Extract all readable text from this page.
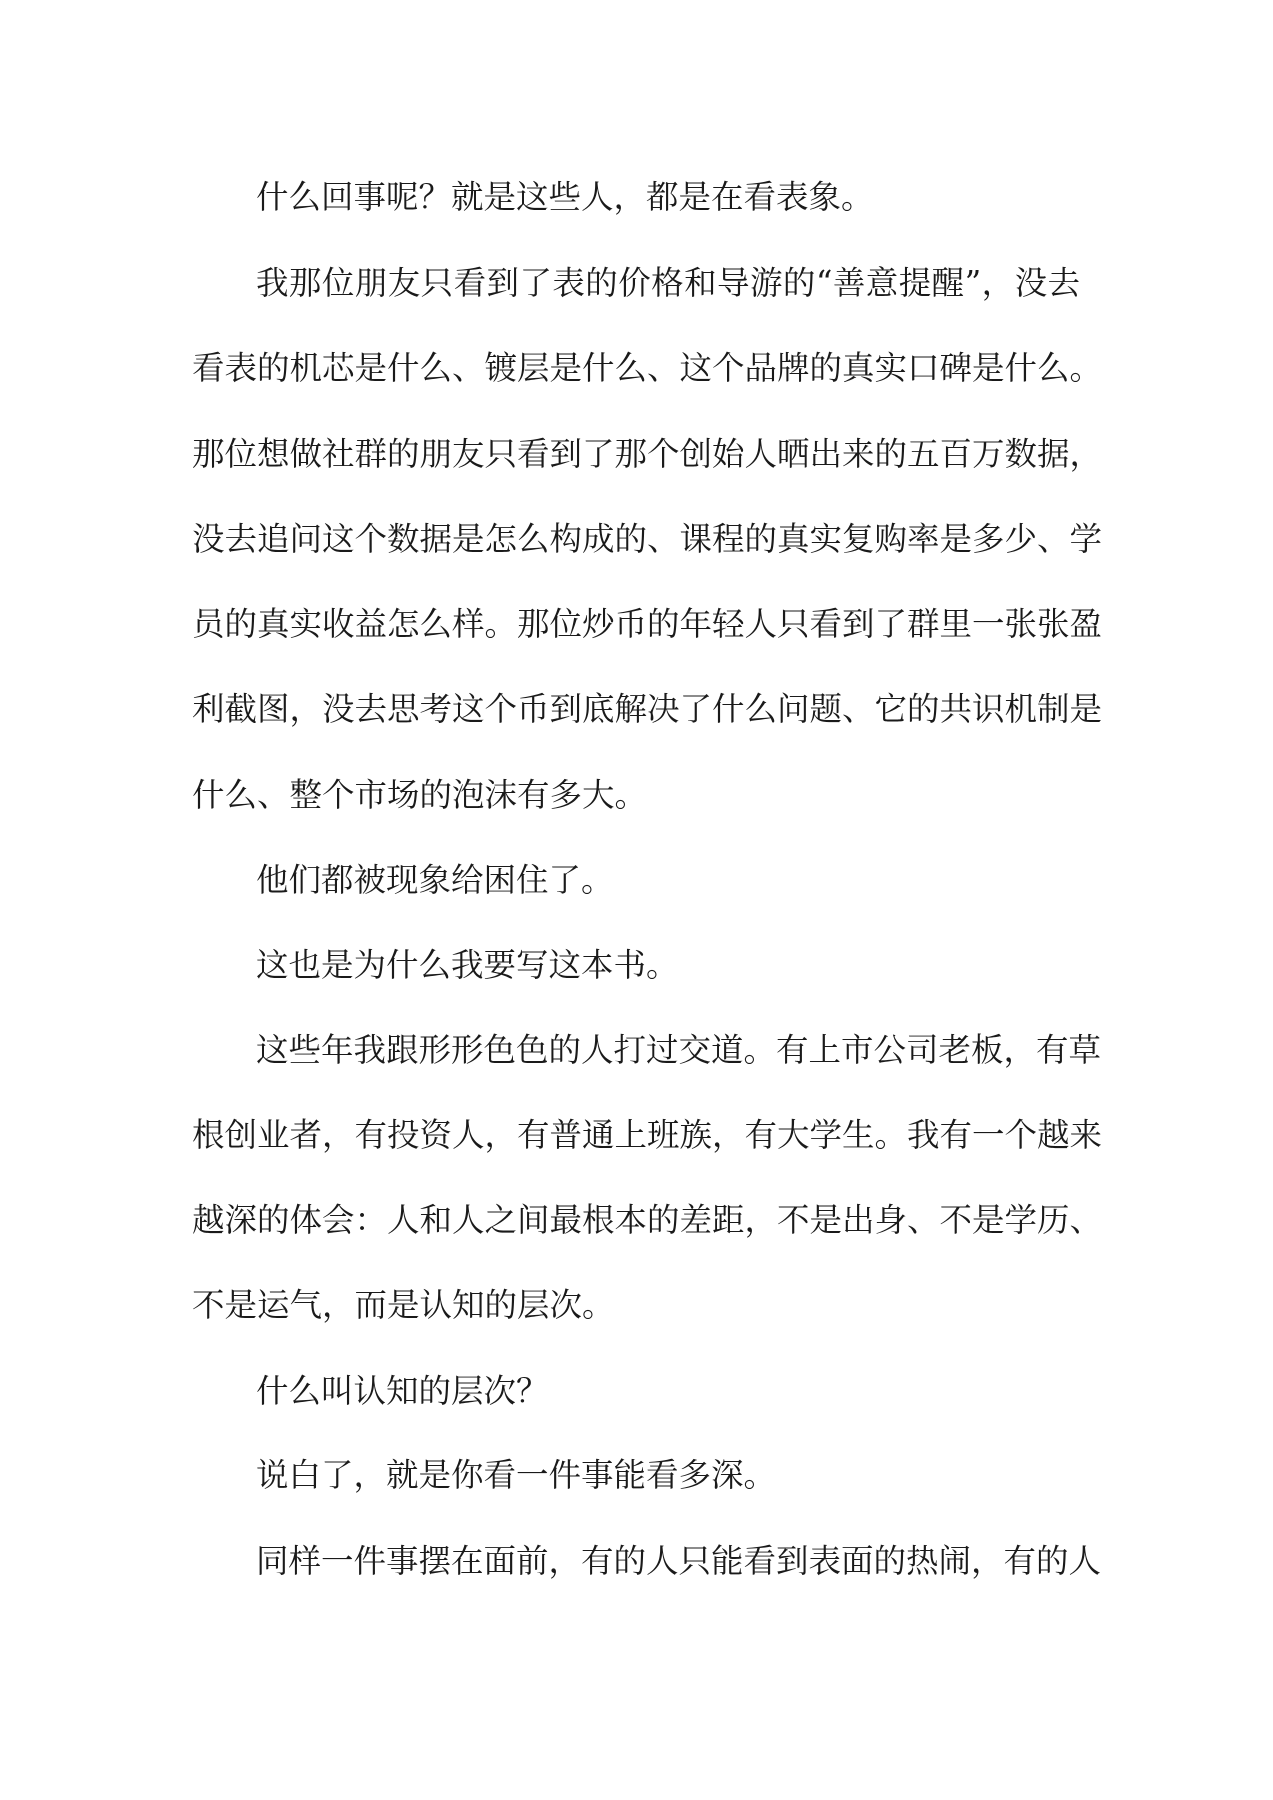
什么回事呢？就是这些人，都是在看表象。
我那位朋友只看到了表的价格和导游的“善意提醒”，没去
看表的机芯是什么、镀层是什么、这个品牌的真实口碑是什么。
那位想做社群的朋友只看到了那个创始人晒出来的五百万数据，
没去追问这个数据是怎么构成的、课程的真实复购率是多少、学
员的真实收益怎么样。那位炒币的年轻人只看到了群里一张张盈
利截图，没去思考这个币到底解决了什么问题、它的共识机制是
什么、整个市场的泡沫有多大。
他们都被现象给困住了。
这也是为什么我要写这本书。
这些年我跟形形色色的人打过交道。有上市公司老板，有草
根创业者，有投资人，有普通上班族，有大学生。我有一个越来
越深的体会：人和人之间最根本的差距，不是出身、不是学历、
不是运气，而是认知的层次。
什么叫认知的层次？
说白了，就是你看一件事能看多深。
同样一件事摆在面前，有的人只能看到表面的热闹，有的人
